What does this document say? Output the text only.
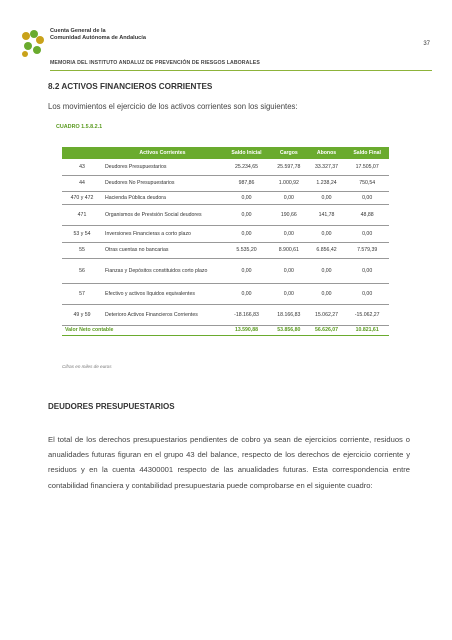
Cuenta General de la
Comunidad Autónoma de Andalucía
MEMORIA DEL INSTITUTO ANDALUZ DE PREVENCIÓN DE RIESGOS LABORALES
37
8.2 ACTIVOS FINANCIEROS CORRIENTES
Los movimientos el ejercicio de los activos corrientes son los siguientes:
CUADRO 1.5.8.2.1
	Activos Corrientes	Saldo Inicial	Cargos	Abonos	Saldo Final
43	Deudores Presupuestarios	25.234,65	25.597,78	33.327,37	17.505,07
44	Deudores No Presupuestarios	987,86	1.000,92	1.238,24	750,54
470 y 472	Hacienda Pública deudora	0,00	0,00	0,00	0,00
471	Organismos de Previsión Social deudores	0,00	190,66	141,78	48,88
53 y 54	Inversiones Financieras a corto plazo	0,00	0,00	0,00	0,00
55	Otras cuentas no bancarias	5.535,20	8.900,61	6.856,42	7.579,39
56	Fianzas y Depósitos constituidos corto plazo	0,00	0,00	0,00	0,00
57	Efectivo y activos líquidos equivalentes	0,00	0,00	0,00	0,00
49 y 59	Deterioro Activos Financieros Corrientes	-18.166,83	18.166,83	15.062,27	-15.062,27
Valor Neto contable		13.590,88	53.856,80	56.626,07	10.821,61
Cifras en miles de euros
DEUDORES PRESUPUESTARIOS
El total de los derechos presupuestarios pendientes de cobro ya sean de ejercicios corriente, residuos o anualidades futuras figuran en el grupo 43 del balance, respecto de los derechos de ejercicio corriente y residuos y en la cuenta 44300001 respecto de las anualidades futuras. Esta correspondencia entre contabilidad financiera y contabilidad presupuestaria puede comprobarse en el siguiente cuadro:
